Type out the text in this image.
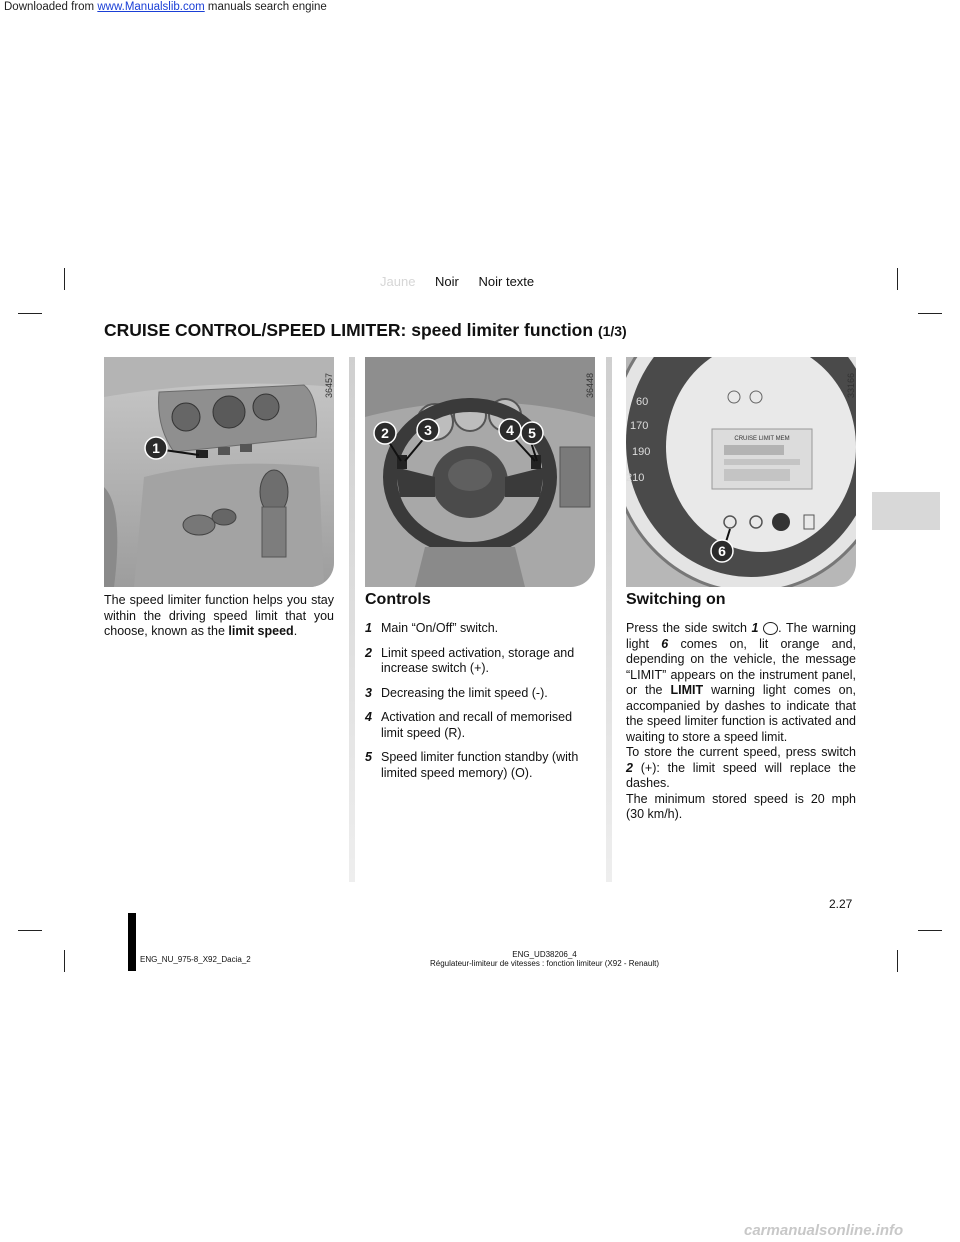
Downloaded from www.Manualslib.com manuals search engine
Jaune Noir Noir texte
CRUISE CONTROL/SPEED LIMITER: speed limiter function (1/3)
1
36457
2	3	4 5
36448
60
170
190
210
CRUISE LIMIT MEM
6
33166
The speed limiter function helps you stay within the driving speed limit that you choose, known as the limit speed.
Controls
1 Main “On/Off” switch.
2 Limit speed activation, storage and increase switch (+).
3 Decreasing the limit speed (-).
4 Activation and recall of memorised limit speed (R).
5 Speed limiter function standby (with limited speed memory) (O).
Switching on
Press the side switch 1 . The warning light 6 comes on, lit orange and, depending on the vehicle, the message “LIMIT” appears on the instrument panel, or the LIMIT warning light comes on, accompanied by dashes to indicate that the speed limiter function is activated and waiting to store a speed limit.
To store the current speed, press switch 2 (+): the limit speed will replace the dashes.
The minimum stored speed is 20 mph (30 km/h).
2.27
ENG_NU_975-8_X92_Dacia_2
ENG_UD38206_4
Régulateur-limiteur de vitesses : fonction limiteur (X92 - Renault)
carmanualsonline.info
